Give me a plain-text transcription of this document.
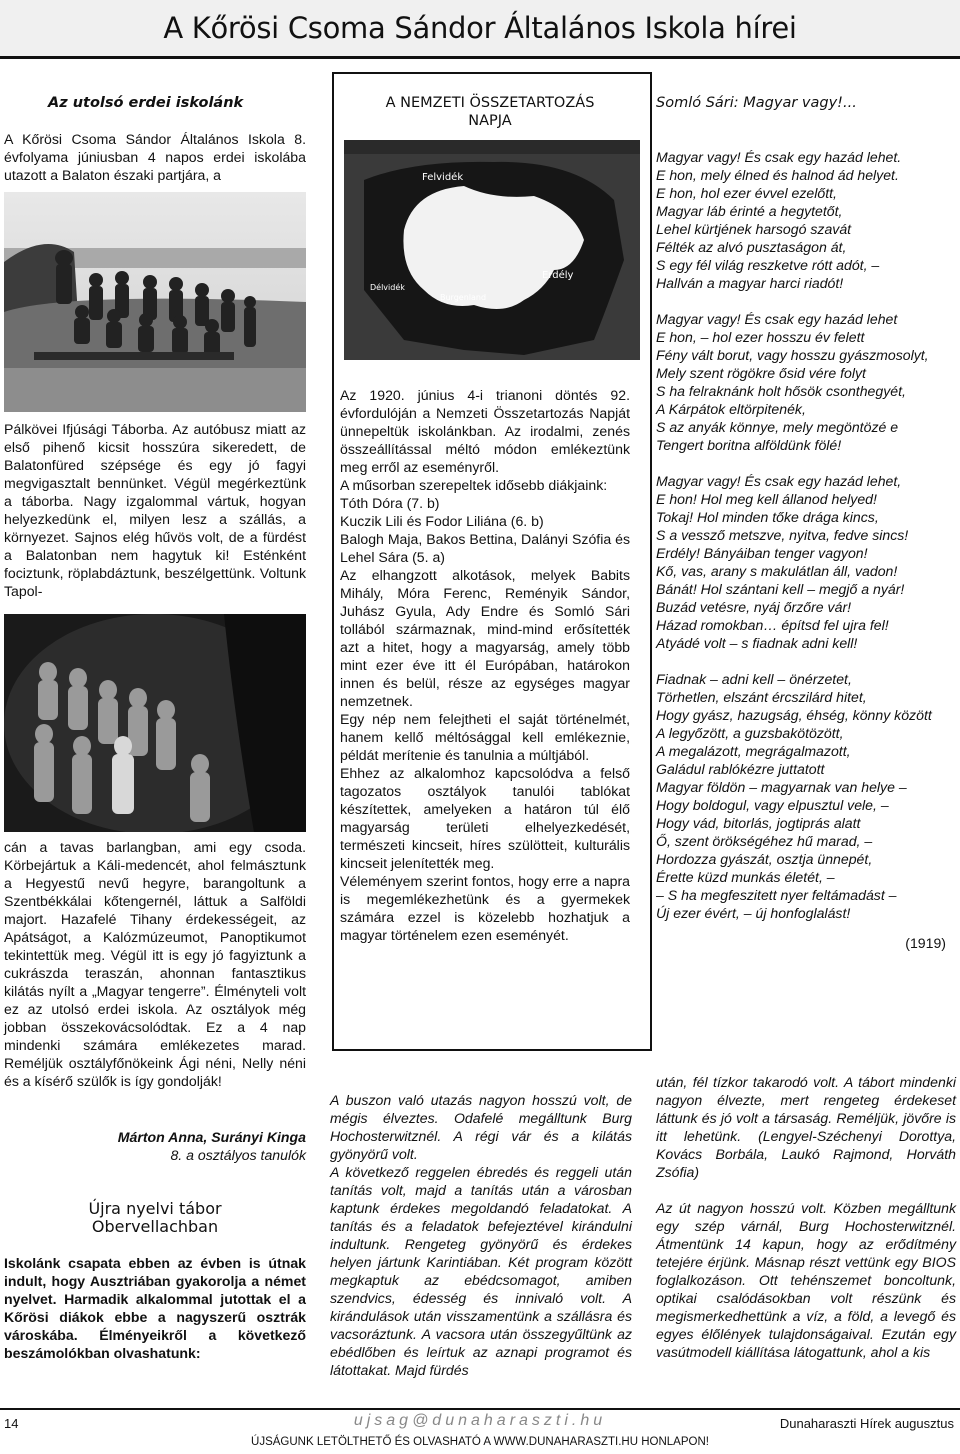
A Kőrösi Csoma Sándor Általános Iskola hírei

Az utolsó erdei iskolánk

A Kőrösi Csoma Sándor Általános Iskola 8. évfolyama júniusban 4 napos erdei iskolába utazott a Balaton északi partjára, a

Pálkövei Ifjúsági Táborba. Az autóbusz miatt az első pihenő kicsit hosszúra sikeredett, de Balatonfüred szépsége és egy jó fagyi megvigasztalt bennünket. Végül megérkeztünk a táborba. Nagy izgalommal vártuk, hogyan helyezkedünk el, milyen lesz a szállás, a környezet. Sajnos elég hűvös volt, de a fürdést a Balatonban nem hagytuk ki! Esténként fociztunk, röplabdáztunk, beszélgettünk. Voltunk Tapol-

cán a tavas barlangban, ami egy csoda. Körbejártuk a Káli-medencét, ahol felmásztunk a Hegyestű nevű hegyre, barangoltunk a Szentbékkálai kőtengernél, láttuk a Salföldi majort. Hazafelé Tihany érdekességeit, az Apátságot, a Kalózmúzeumot, Panoptikumot tekintettük meg. Végül itt is egy jó fagyiztunk a cukrászda teraszán, ahonnan fantasztikus kilátás nyílt a „Magyar tengerre”. Élményteli volt ez az utolsó erdei iskola. Az osztályok még jobban összekovácsolódtak. Ez a 4 nap mindenki számára emlékezetes marad. Reméljük osztályfőnökeink Ági néni, Nelly néni és a kísérő szülők is így gondolják!

Márton Anna, Surányi Kinga

8. a osztályos tanulók

Újra nyelvi tábor

Obervellachban

Iskolánk csapata ebben az évben is útnak indult, hogy Ausztriában gyakorolja a német nyelvet. Harmadik alkalommal jutottak el a Kőrösi diákok ebbe a nagyszerű osztrák városkába. Élményeikről a következő beszámolókban olvashatunk:

A NEMZETI ÖSSZETARTOZÁS

NAPJA

Felvidék
Erdély
Délvidék
Burgenland

Az 1920. június 4-i trianoni döntés 92. évfordulóján a Nemzeti Összetartozás Napját ünnepeltük iskolánkban. Az irodalmi, zenés összeállítással méltó módon emlékeztünk meg erről az eseményről.

A műsorban szerepeltek idősebb diákjaink:

Tóth Dóra (7. b)

Kuczik Lili és Fodor Liliána (6. b)

Balogh Maja, Bakos Bettina, Dalányi Szófia és Lehel Sára (5. a)

Az elhangzott alkotások, melyek Babits Mihály, Móra Ferenc, Reményik Sándor, Juhász Gyula, Ady Endre és Somló Sári tollából származnak, mind-mind erősítették azt a hitet, hogy a magyarság, amely több mint ezer éve itt él Európában, határokon innen és belül, része az egységes magyar nemzetnek.

Egy nép nem felejtheti el saját történelmét, hanem kellő méltósággal kell emlékeznie, példát merítenie és tanulnia a múltjából.

Ehhez az alkalomhoz kapcsolódva a felső tagozatos osztályok tanulói tablókat készítettek, amelyeken a határon túl élő magyarság területi elhelyezkedését, természeti kincseit, híres szülötteit, kulturális kincseit jelenítették meg.

Véleményem szerint fontos, hogy erre a napra is megemlékezhetünk és a gyermekek számára ezzel is közelebb hozhatjuk a magyar történelem ezen eseményét.

Somló Sári: Magyar vagy!...

Magyar vagy! És csak egy hazád lehet.

E hon, mely élned és halnod ád helyet.

E hon, hol ezer évvel ezelőtt,

Magyar láb érinté a hegytetőt,

Lehel kürtjének harsogó szavát

Félték az alvó pusztaságon át,

S egy fél világ reszketve rótt adót, –

Hallván a magyar harci riadót!

Magyar vagy! És csak egy hazád lehet

E hon, – hol ezer hosszu év felett

Fény vált borut, vagy hosszu gyászmosolyt,

Mely szent rögökre ősid vére folyt

S ha felraknánk holt hősök csonthegyét,

A Kárpátok eltörpitenék,

S az anyák könnye, mely megöntözé e

Tengert boritna alföldünk fölé!

Magyar vagy! És csak egy hazád lehet,

E hon! Hol meg kell állanod helyed!

Tokaj! Hol minden tőke drága kincs,

S a vessző metszve, nyitva, fedve sincs!

Erdély! Bányáiban tenger vagyon!

Kő, vas, arany s makulátlan áll, vadon!

Bánát! Hol szántani kell – megjő a nyár!

Buzád vetésre, nyáj őrzőre vár!

Házad romokban… építsd fel ujra fel!

Atyádé volt – s fiadnak adni kell!

Fiadnak – adni kell – önérzetet,

Törhetlen, elszánt ércszilárd hitet,

Hogy gyász, hazugság, éhség, könny között

A legyőzött, a guzsbakötözött,

A megalázott, megrágalmazott,

Galádul rablókézre juttatott

Magyar földön – magyarnak van helye –

Hogy boldogul, vagy elpusztul vele, –

Hogy vád, bitorlás, jogtiprás alatt

Ő, szent örökségéhez hű marad, –

Hordozza gyászát, osztja ünnepét,

Érette küzd munkás életét, –

– S ha megfeszitett nyer feltámadást –

Új ezer évért, – új honfoglalást!

(1919)

A buszon való utazás nagyon hosszú volt, de mégis élveztes. Odafelé megálltunk Burg Hochosterwitznél. A régi vár és a kilátás gyönyörű volt.
A következő reggelen ébredés és reggeli után tanítás volt, majd a tanítás után a városban kaptunk érdekes megoldandó feladatokat. A tanítás és a feladatok befejeztével kirándulni indultunk. Rengeteg gyönyörű és érdekes helyen jártunk Karintiában. Két program között megkaptuk az ebédcsomagot, amiben szendvics, édesség és innivaló volt. A kirándulások után visszamentünk a szállásra és vacsoráztunk. A vacsora után összegyűltünk az ebédlőben és leírtuk az aznapi programot és látottakat. Majd fürdés

után, fél tízkor takarodó volt. A tábort mindenki nagyon élvezte, mert rengeteg érdekeset láttunk és jó volt a társaság. Reméljük, jövőre is itt lehetünk. (Lengyel-Széchenyi Dorottya, Kovács Borbála, Laukó Rajmond, Horváth Zsófia)

Az út nagyon hosszú volt. Közben megálltunk egy szép várnál, Burg Hochosterwitznél. Átmentünk 14 kapun, hogy az erődítmény tetejére érjünk. Másnap részt vettünk egy BIOS foglalkozáson. Ott tehénszemet boncoltunk, optikai csalódásokban volt részünk és megismerkedhettünk a víz, a föld, a levegő és egyes élőlények tulajdonságaival. Ezután egy vasútmodell kiállítása látogattunk, ahol a kis

14	ujsag@dunaharaszti.hu	Dunaharaszti Hírek augusztus
ÚJSÁGUNK LETÖLTHETŐ ÉS OLVASHATÓ A WWW.DUNAHARASZTI.HU HONLAPON!
